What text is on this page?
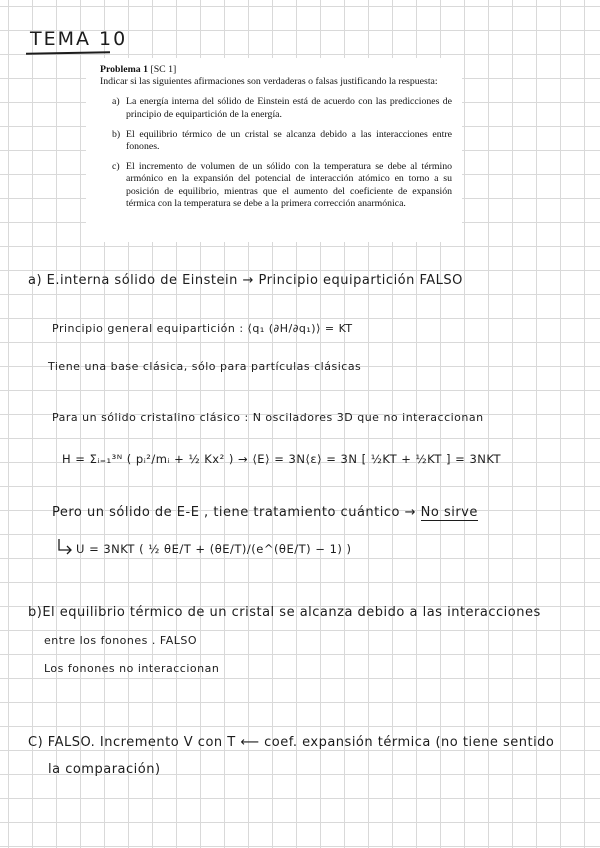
TEMA 10

Problema 1 [SC 1]

Indicar si las siguientes afirmaciones son verdaderas o falsas justificando la respuesta:

a) La energía interna del sólido de Einstein está de acuerdo con las predicciones de principio de equipartición de la energía.
b) El equilibrio térmico de un cristal se alcanza debido a las interacciones entre fonones.
c) El incremento de volumen de un sólido con la temperatura se debe al término armónico en la expansión del potencial de interacción atómico en torno a su posición de equilibrio, mientras que el aumento del coeficiente de expansión térmica con la temperatura se debe a la primera corrección anarmónica.
a) E.interna sólido de Einstein → Principio equipartición FALSO
Principio general equipartición : ⟨q₁ (∂H/∂q₁)⟩ = KT
Tiene una base clásica, sólo para partículas clásicas
Para un sólido cristalino clásico : N osciladores 3D que no interaccionan
H = Σᵢ₌₁³ᴺ ( pᵢ²/mᵢ + ½ Kx² ) → ⟨E⟩ = 3N⟨ε⟩ = 3N [ ½KT + ½KT ] = 3NKT
Pero un sólido de E-E , tiene tratamiento cuántico → No sirve
U = 3NKT ( ½ θE/T + (θE/T)/(e^(θE/T) − 1) )
b)El equilibrio térmico de un cristal se alcanza debido a las interacciones
entre los fonones . FALSO
Los fonones no interaccionan
C) FALSO. Incremento V con T ⟵ coef. expansión térmica (no tiene sentido
la comparación)
